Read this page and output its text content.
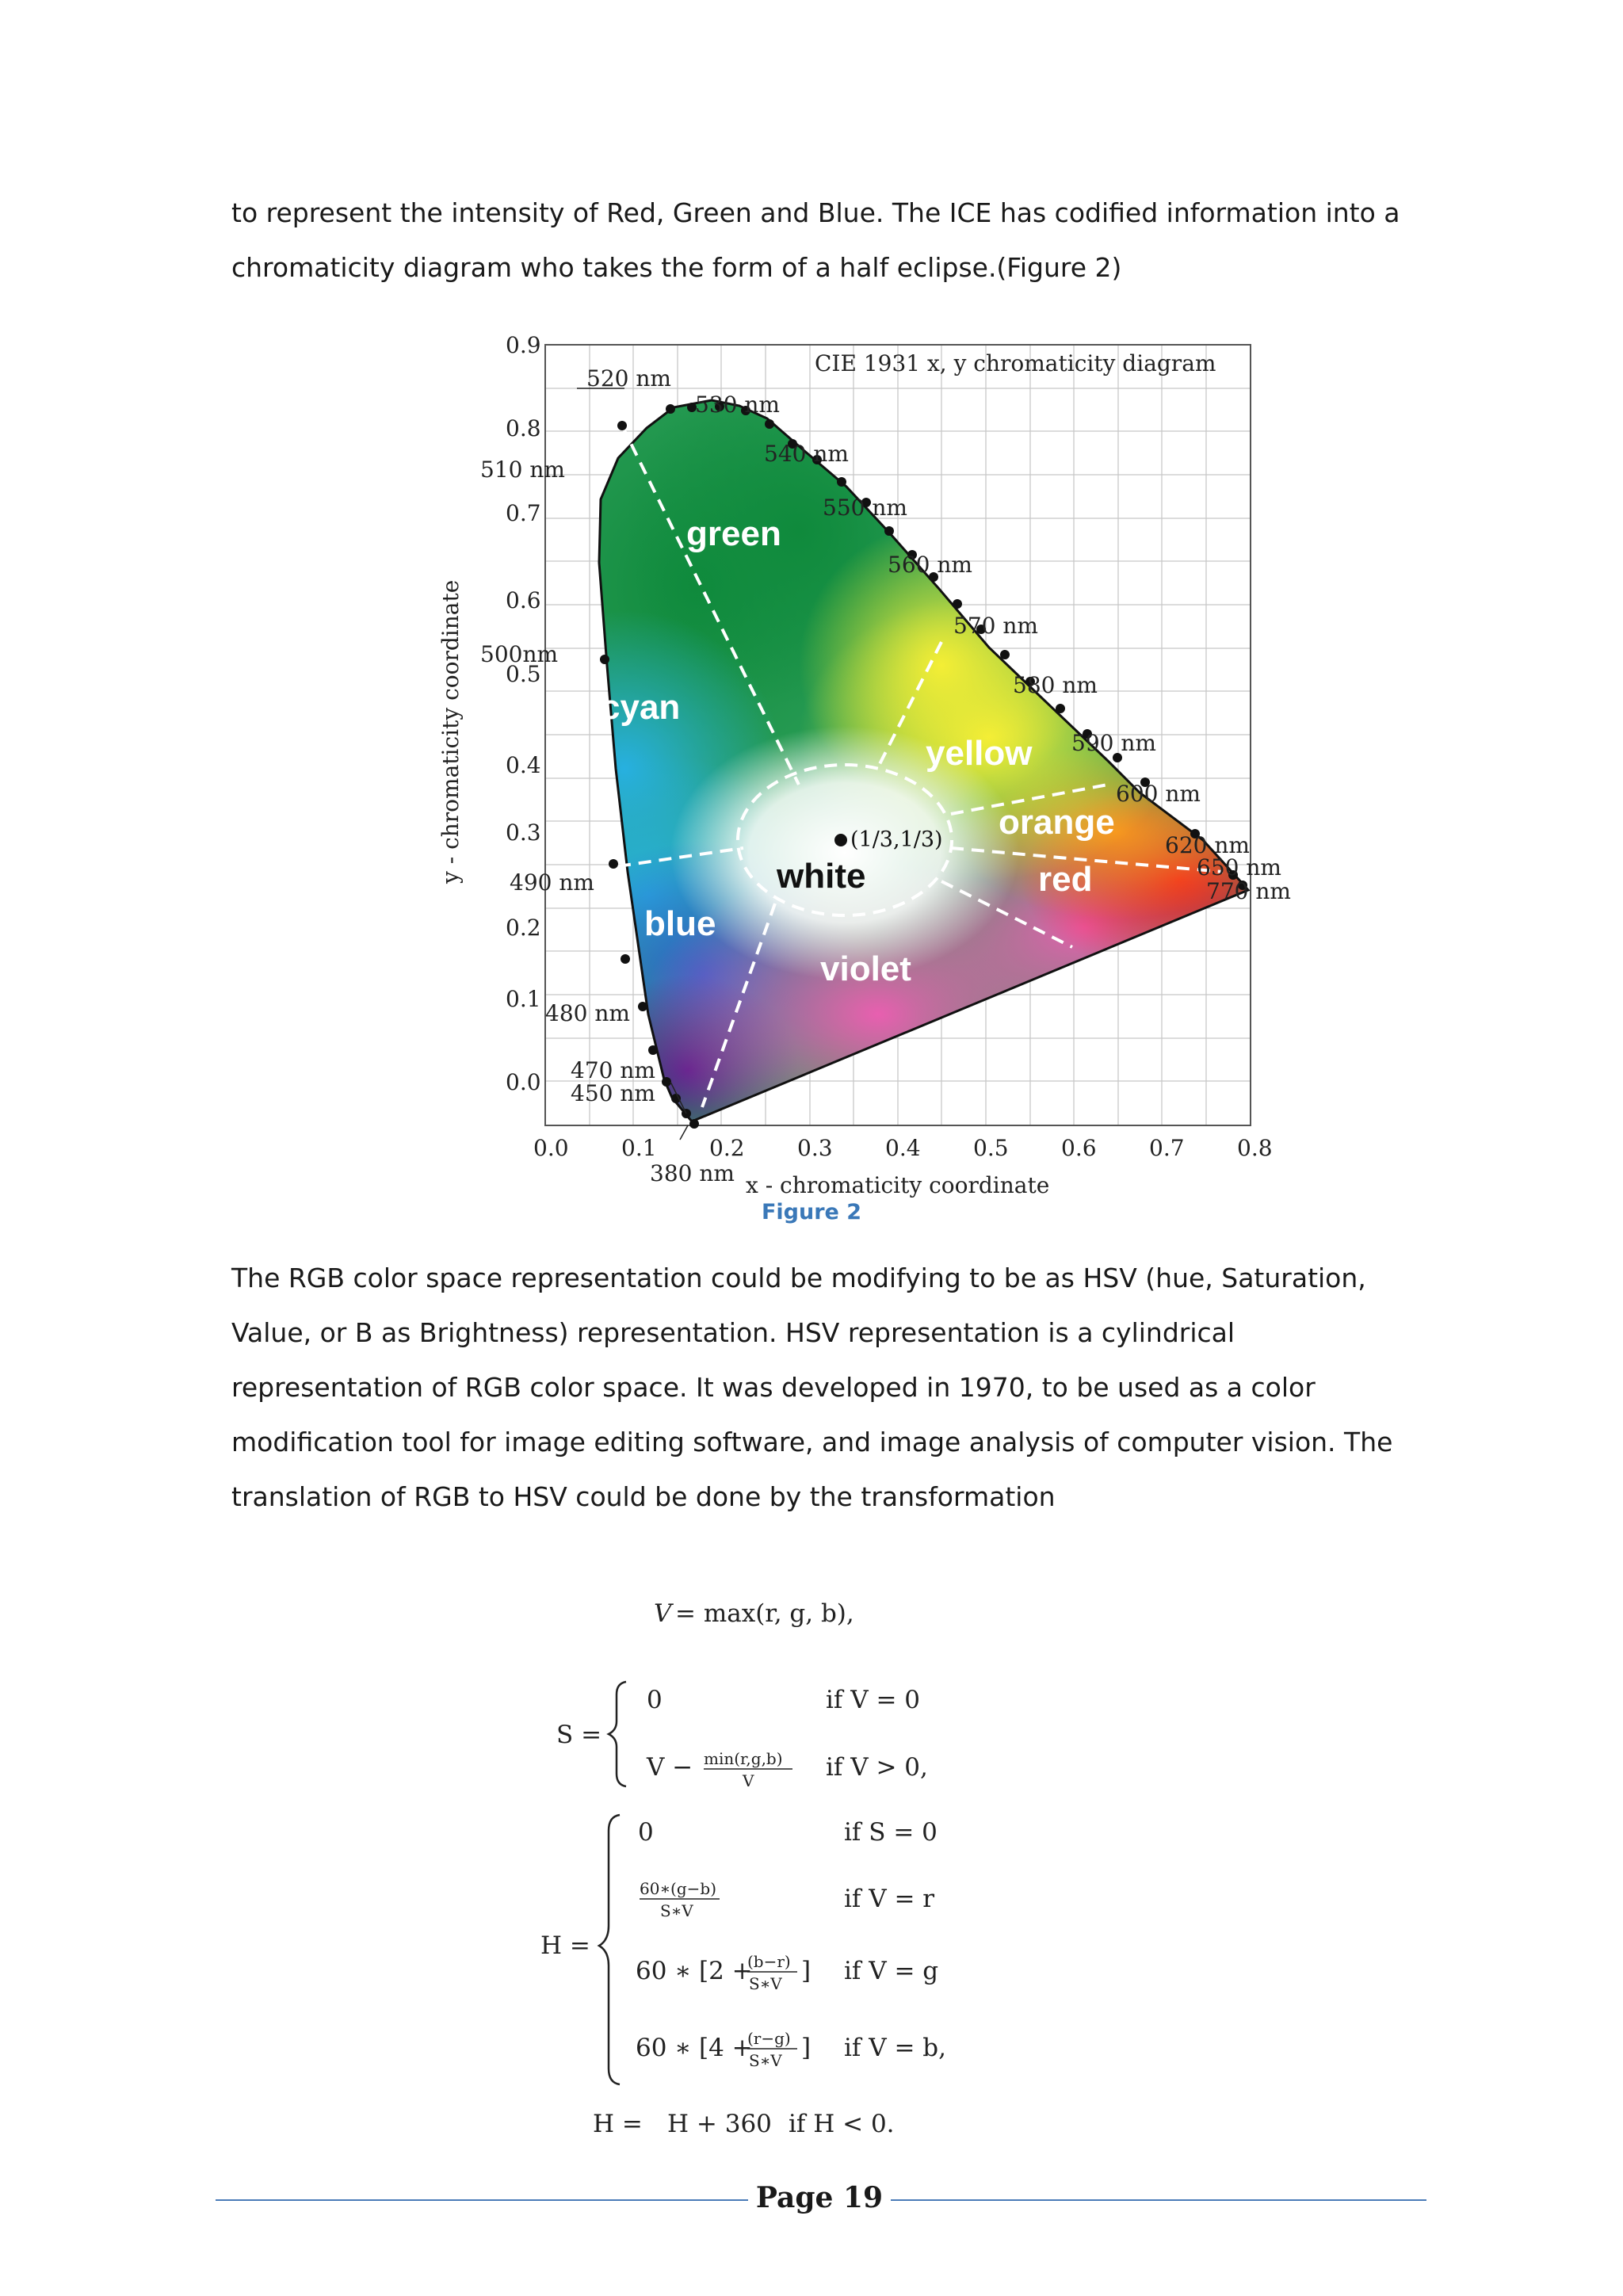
to represent the intensity of Red, Green and Blue. The ICE has codified information into a chromaticity diagram who takes the form of a half eclipse.(Figure 2)

CIE 1931 x, y chromaticity diagram
x - chromaticity coordinate
y - chromaticity coordinate
0.0 0.1 0.2 0.3 0.4 0.5 0.6 0.7 0.8
0.0
0.1
0.2
0.3
0.4
0.5
0.6
0.7
0.8
0.9
520 nm
530 nm
540 nm
510 nm
550 nm
560 nm
570 nm
500nm
580 nm
590 nm
600 nm
620 nm
650 nm
770 nm
490 nm
480 nm
470 nm
450 nm
380 nm
(1/3,1/3)
green
cyan
yellow
orange
white	red
blue
violet
Figure 2

The RGB color space representation could be modifying to be as HSV (hue, Saturation, Value, or B as Brightness) representation. HSV representation is a cylindrical representation of RGB color space. It was developed in 1970, to be used as a color modification tool for image editing software, and image analysis of computer vision. The translation of RGB to HSV could be done by the transformation

V = max(r, g, b),
S =
0	if V = 0
V − min(r,g,b)
V	if V > 0,
H =
0	if S = 0
60∗(g−b)
S∗V	if V = r
60 ∗ [2 +
(b−r)
S∗V ] if V = g
60 ∗ [4 +
(r−g)
S∗V ] if V = b,
H = H + 360 if H < 0.
Page 19
